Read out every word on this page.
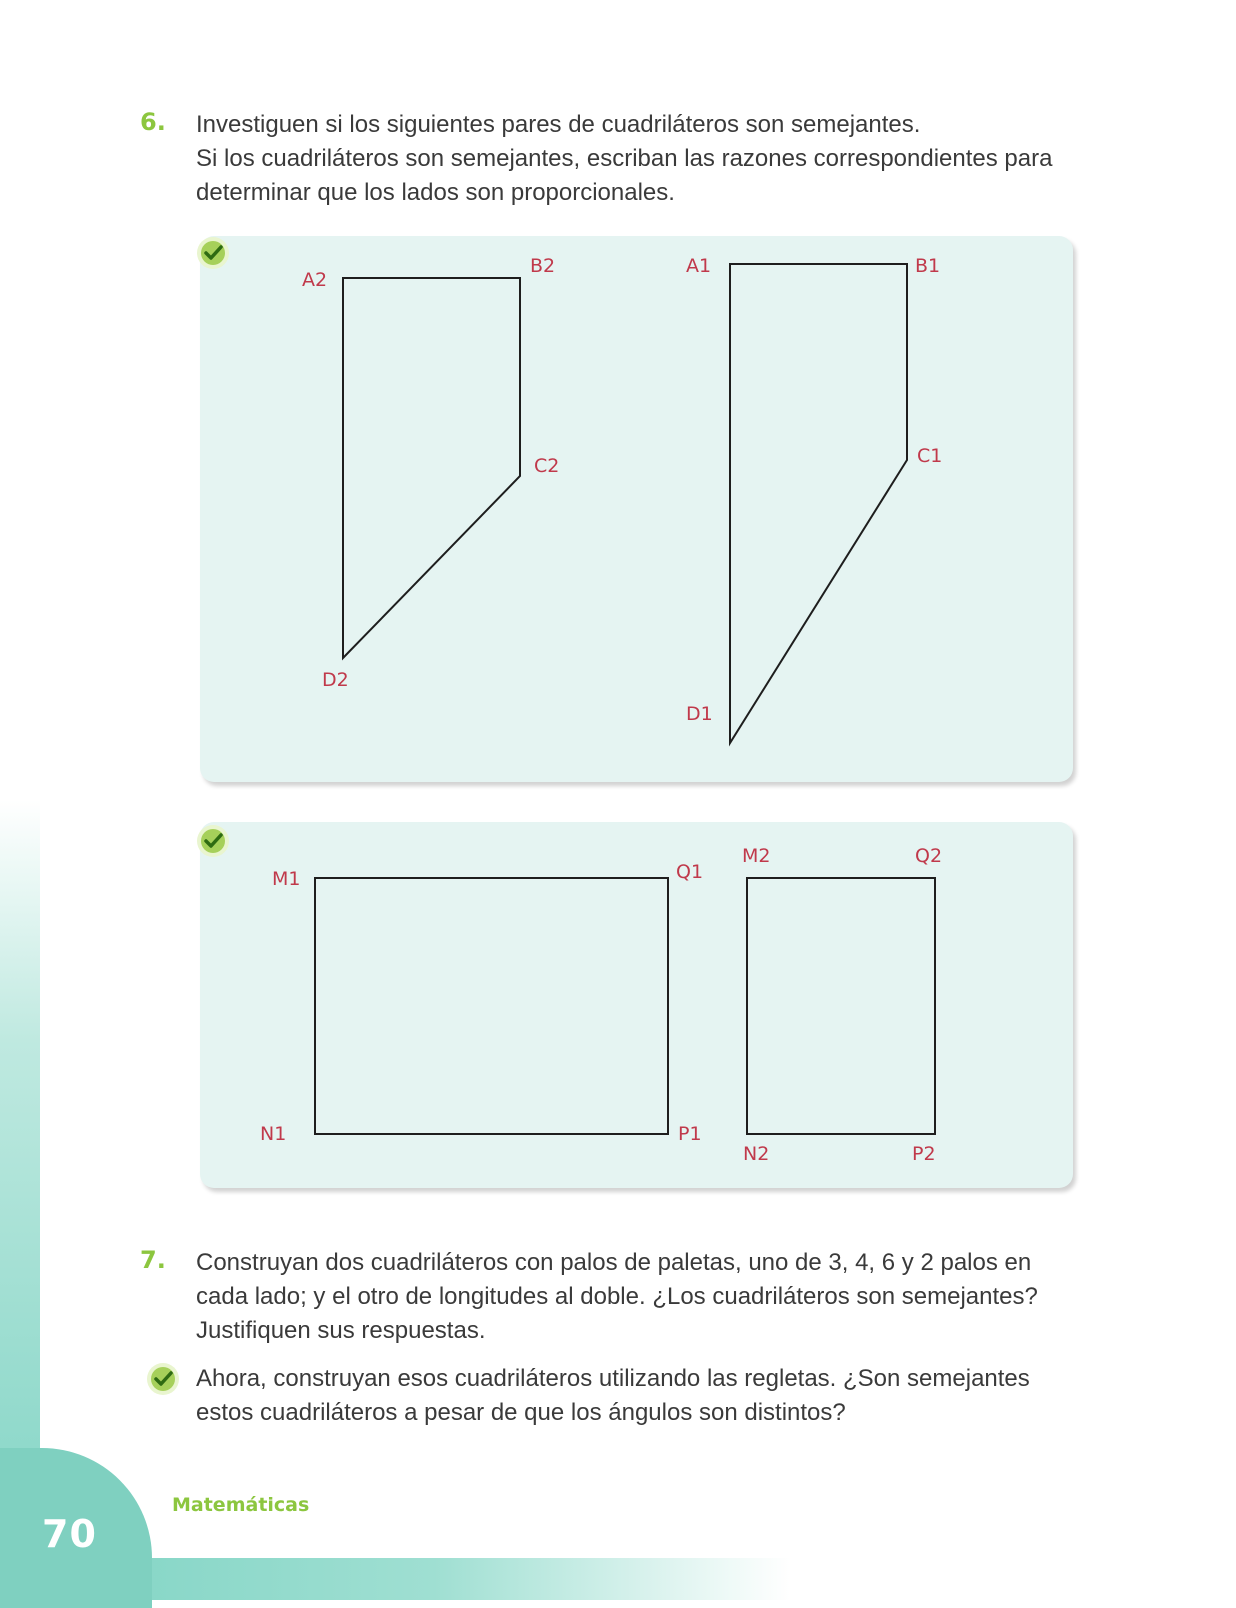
70
Matemáticas
6. Investiguen si los siguientes pares de cuadriláteros son semejantes.
Si los cuadriláteros son semejantes, escriban las razones correspondientes para
determinar que los lados son proporcionales.
A2
B2
C2
D2
A1	B1
C1
D1
M1	Q1
N1	P1
M2	Q2
N2	P2
7. Construyan dos cuadriláteros con palos de paletas, uno de 3, 4, 6 y 2 palos en
cada lado; y el otro de longitudes al doble. ¿Los cuadriláteros son semejantes?
Justifiquen sus respuestas.
Ahora, construyan esos cuadriláteros utilizando las regletas. ¿Son semejantes
estos cuadriláteros a pesar de que los ángulos son distintos?
